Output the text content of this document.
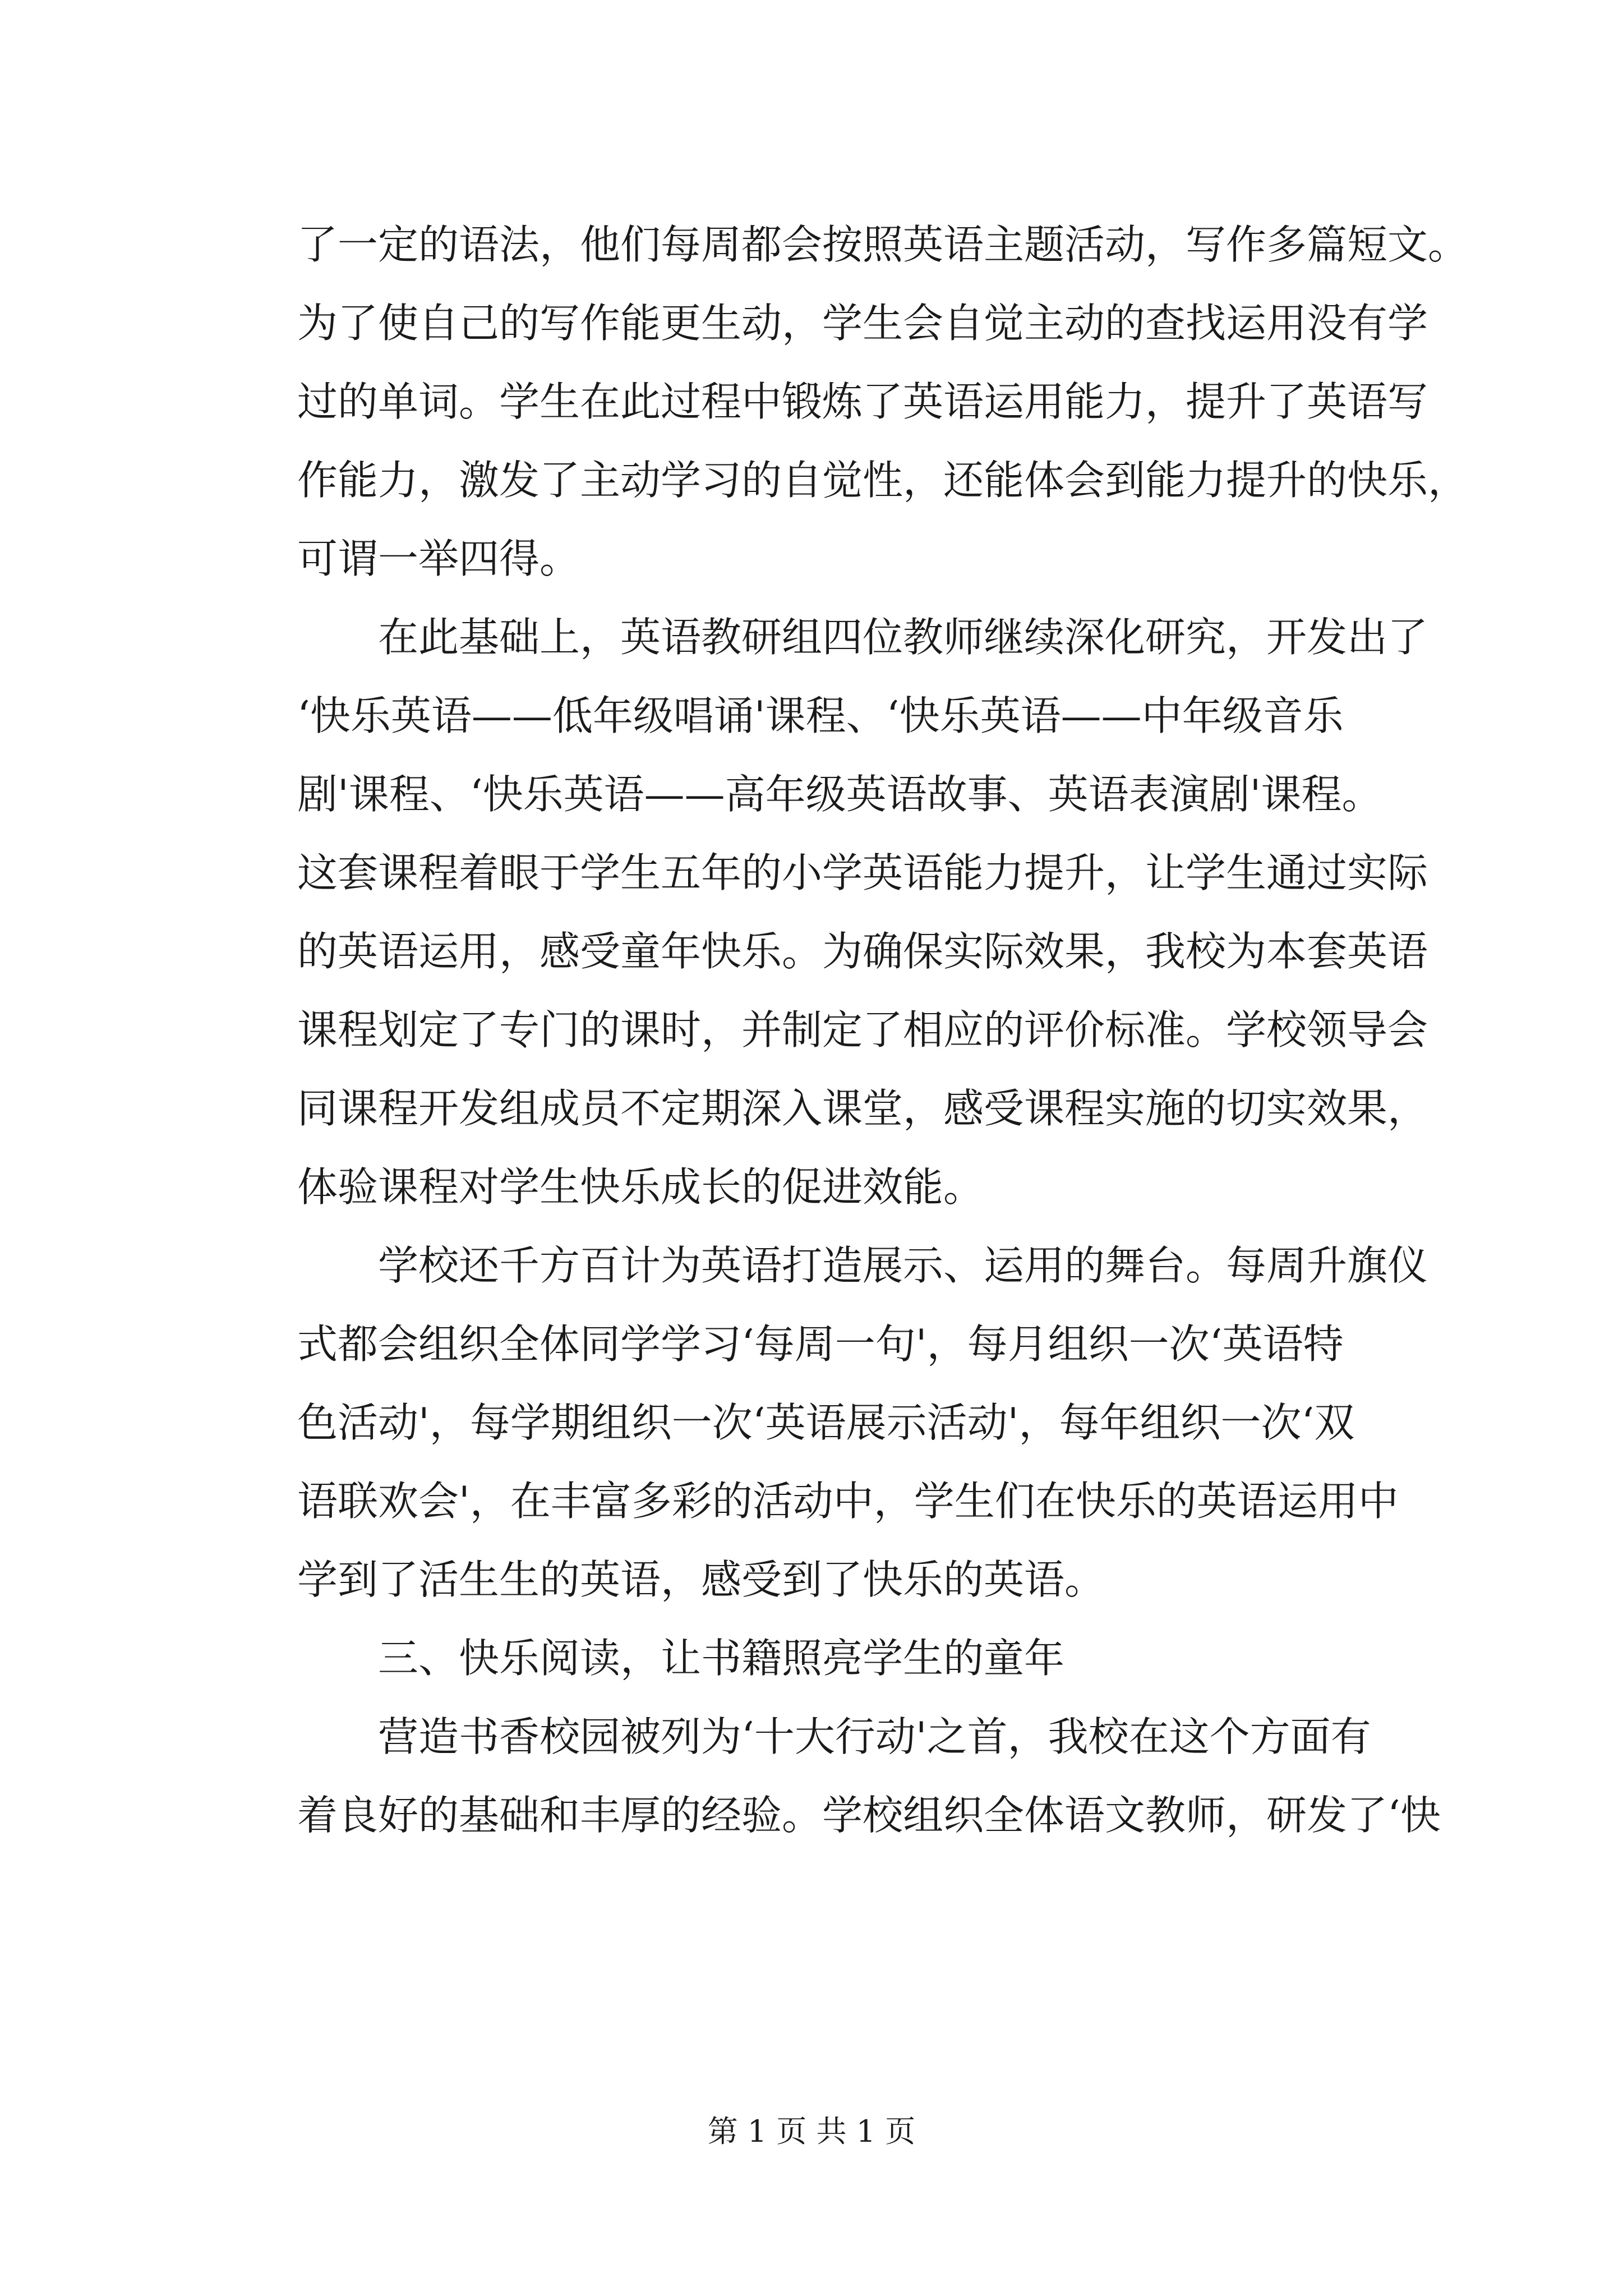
了一定的语法，他们每周都会按照英语主题活动，写作多篇短文。
为了使自己的写作能更生动，学生会自觉主动的查找运用没有学
过的单词。学生在此过程中锻炼了英语运用能力，提升了英语写
作能力，激发了主动学习的自觉性，还能体会到能力提升的快乐，
可谓一举四得。
　　在此基础上，英语教研组四位教师继续深化研究，开发出了
‘快乐英语——低年级唱诵'课程、‘快乐英语——中年级音乐
剧'课程、‘快乐英语——高年级英语故事、英语表演剧'课程。
这套课程着眼于学生五年的小学英语能力提升，让学生通过实际
的英语运用，感受童年快乐。为确保实际效果，我校为本套英语
课程划定了专门的课时，并制定了相应的评价标准。学校领导会
同课程开发组成员不定期深入课堂，感受课程实施的切实效果，
体验课程对学生快乐成长的促进效能。
　　学校还千方百计为英语打造展示、运用的舞台。每周升旗仪
式都会组织全体同学学习‘每周一句'，每月组织一次‘英语特
色活动'，每学期组织一次‘英语展示活动'，每年组织一次‘双
语联欢会'，在丰富多彩的活动中，学生们在快乐的英语运用中
学到了活生生的英语，感受到了快乐的英语。
　　三、快乐阅读，让书籍照亮学生的童年
　　营造书香校园被列为‘十大行动'之首，我校在这个方面有
着良好的基础和丰厚的经验。学校组织全体语文教师，研发了‘快
第 1 页 共 1 页
